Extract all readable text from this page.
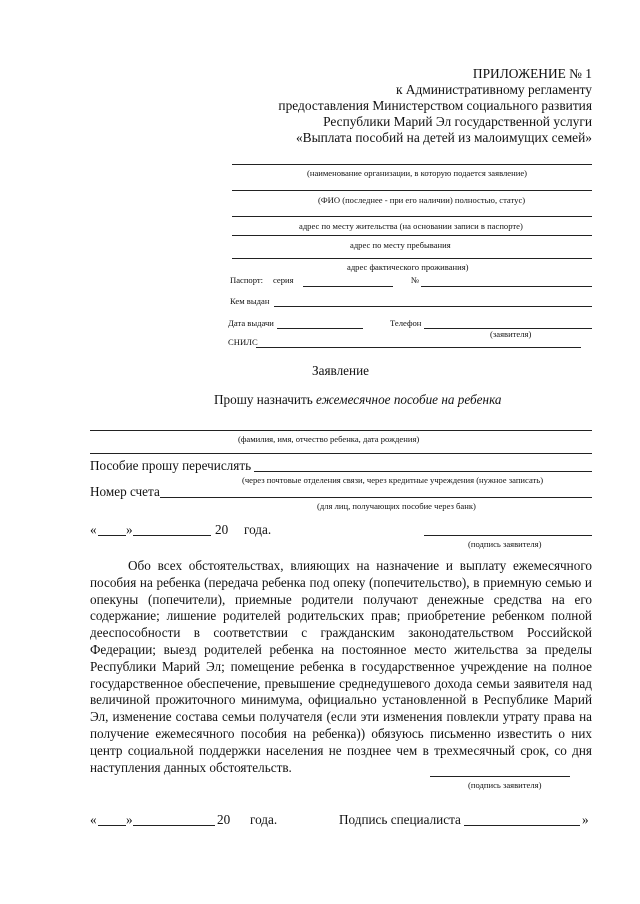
ПРИЛОЖЕНИЕ № 1
к Административному регламенту
предоставления Министерством социального развития
Республики Марий Эл государственной услуги
«Выплата пособий на детей из малоимущих семей»
(наименование организации, в которую подается заявление)
(ФИО (последнее - при его наличии) полностью, статус)
адрес по месту жительства (на основании записи в паспорте)
адрес по месту пребывания
адрес фактического проживания)
Паспорт: серия	№
Кем выдан
Дата выдачи	Телефон
(заявителя)
СНИЛС
Заявление
Прошу назначить ежемесячное пособие на ребенка
(фамилия, имя, отчество ребенка, дата рождения)
Пособие прошу перечислять
(через почтовые отделения связи, через кредитные учреждения (нужное записать)
Номер счета
(для лиц, получающих пособие через банк)
« »	20 года.
(подпись заявителя)
Обо всех обстоятельствах, влияющих на назначение и выплату ежемесячного пособия на ребенка (передача ребенка под опеку (попечительство), в приемную семью и опекуны (попечители), приемные родители получают денежные средства на его содержание; лишение родителей родительских прав; приобретение ребенком полной дееспособности в соответствии с гражданским законодательством Российской Федерации; выезд родителей ребенка на постоянное место жительства за пределы Республики Марий Эл; помещение ребенка в государственное учреждение на полное государственное обеспечение, превышение среднедушевого дохода семьи заявителя над величиной прожиточного минимума, официально установленной в Республике Марий Эл, изменение состава семьи получателя (если эти изменения повлекли утрату права на получение ежемесячного пособия на ребенка)) обязуюсь письменно известить о них центр социальной поддержки населения не позднее чем в трехмесячный срок, со дня наступления данных обстоятельств.
(подпись заявителя)
« »	20 года.	Подпись специалиста	»
